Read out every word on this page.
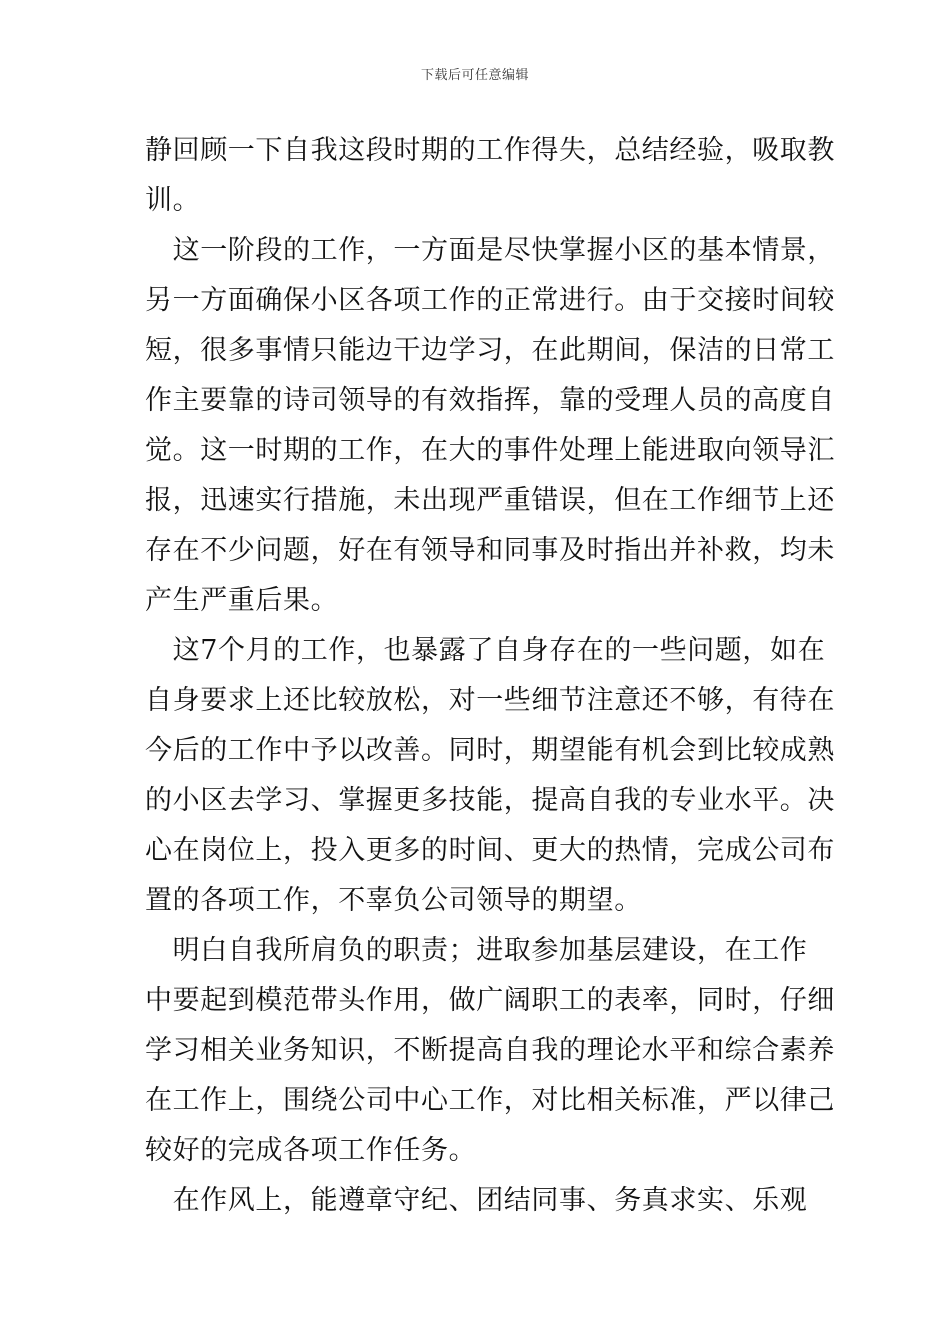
下载后可任意编辑
静回顾一下自我这段时期的工作得失，总结经验，吸取教
训。
　这一阶段的工作，一方面是尽快掌握小区的基本情景，
另一方面确保小区各项工作的正常进行。由于交接时间较
短，很多事情只能边干边学习，在此期间，保洁的日常工
作主要靠的诗司领导的有效指挥，靠的受理人员的高度自
觉。这一时期的工作，在大的事件处理上能进取向领导汇
报，迅速实行措施，未出现严重错误，但在工作细节上还
存在不少问题，好在有领导和同事及时指出并补救，均未
产生严重后果。
　这7个月的工作，也暴露了自身存在的一些问题，如在
自身要求上还比较放松，对一些细节注意还不够，有待在
今后的工作中予以改善。同时，期望能有机会到比较成熟
的小区去学习、掌握更多技能，提高自我的专业水平。决
心在岗位上，投入更多的时间、更大的热情，完成公司布
置的各项工作，不辜负公司领导的期望。
　明白自我所肩负的职责；进取参加基层建设，在工作
中要起到模范带头作用，做广阔职工的表率，同时，仔细
学习相关业务知识，不断提高自我的理论水平和综合素养
在工作上，围绕公司中心工作，对比相关标准，严以律己
较好的完成各项工作任务。
　在作风上，能遵章守纪、团结同事、务真求实、乐观
